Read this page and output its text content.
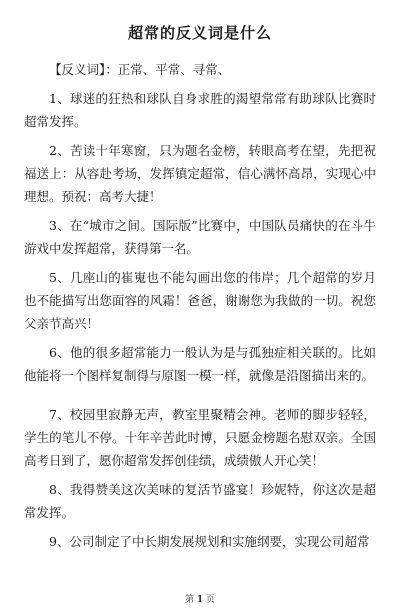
超常的反义词是什么

【反义词】：正常、平常、寻常、

1、球迷的狂热和球队自身求胜的渴望常常有助球队比赛时超常发挥。

2、苦读十年寒窗，只为题名金榜，转眼高考在望，先把祝福送上：从容赴考场，发挥镇定超常，信心满怀高昂，实现心中理想。预祝：高考大捷！

3、在“城市之间。国际版”比赛中，中国队员痛快的在斗牛游戏中发挥超常，获得第一名。

5、几座山的崔嵬也不能勾画出您的伟岸；几个超常的岁月也不能描写出您面容的风霜！爸爸，谢谢您为我做的一切。祝您父亲节高兴！

6、他的很多超常能力一般认为是与孤独症相关联的。比如他能将一个图样复制得与原图一模一样，就像是沿图描出来的。

7、校园里寂静无声，教室里聚精会神。老师的脚步轻轻，学生的笔儿不停。十年辛苦此时博，只愿金榜题名慰双亲。全国高考日到了，愿你超常发挥创佳绩，成绩傲人开心笑！

8、我得赞美这次美味的复活节盛宴！珍妮特，你这次是超常发挥。

9、公司制定了中长期发展规划和实施纲要，实现公司超常

第 1 页
